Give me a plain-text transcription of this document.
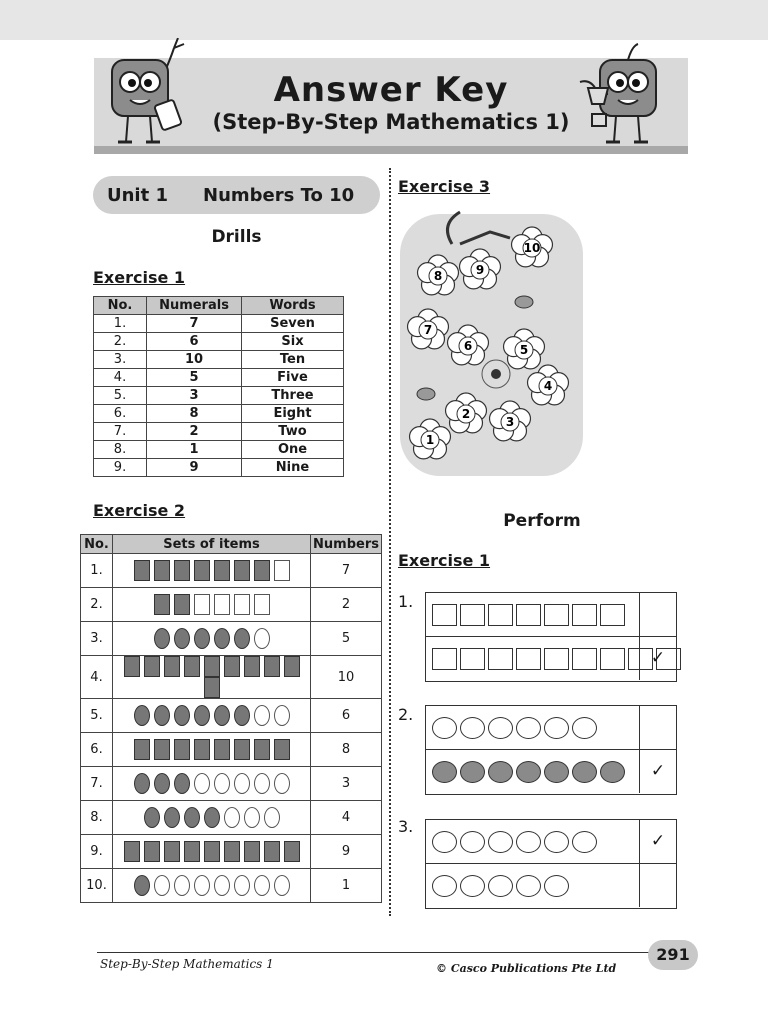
Answer Key
(Step-By-Step Mathematics 1)
Unit 1 Numbers To 10
Drills
Exercise 1
No.	Numerals	Words
1.	7	Seven
2.	6	Six
3.	10	Ten
4.	5	Five
5.	3	Three
6.	8	Eight
7.	2	Two
8.	1	One
9.	9	Nine
Exercise 2
No.	Sets of items	Numbers
1.		7
2.		2
3.		5
4.		10
5.		6
6.		8
7.		3
8.		4
9.		9
10.		1
Exercise 3
1
2
3
4
5
6
7
8	9
10
Perform
Exercise 1
1.
✓
2.
✓
3.
✓
Step-By-Step Mathematics 1	© Casco Publications Pte Ltd
291
